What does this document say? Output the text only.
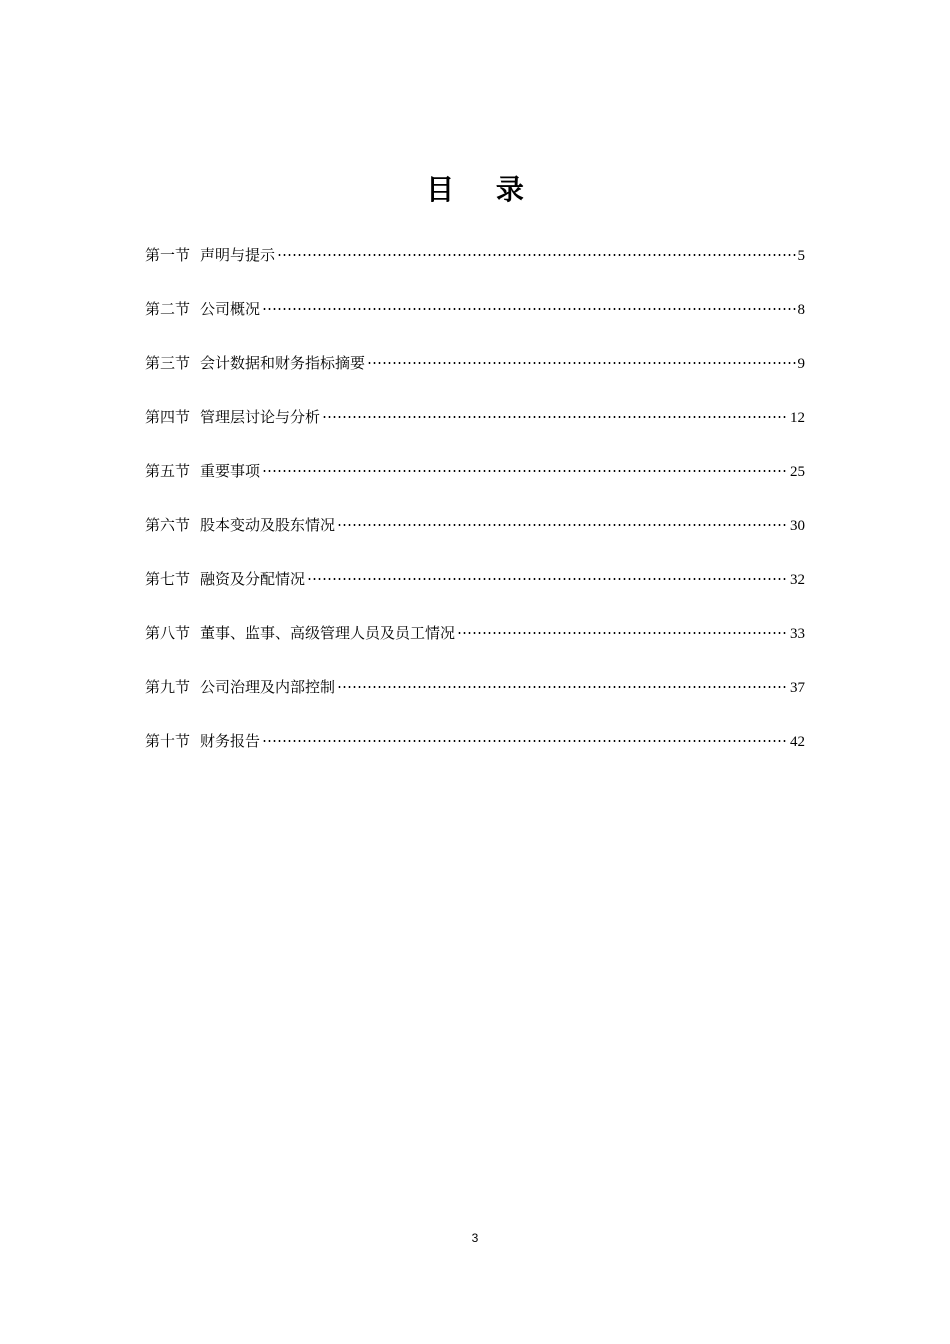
目 录
第一节 声明与提示	5
第二节 公司概况	8
第三节 会计数据和财务指标摘要	9
第四节 管理层讨论与分析	12
第五节 重要事项	25
第六节 股本变动及股东情况	30
第七节 融资及分配情况	32
第八节 董事、监事、高级管理人员及员工情况	33
第九节 公司治理及内部控制	37
第十节 财务报告	42
3
